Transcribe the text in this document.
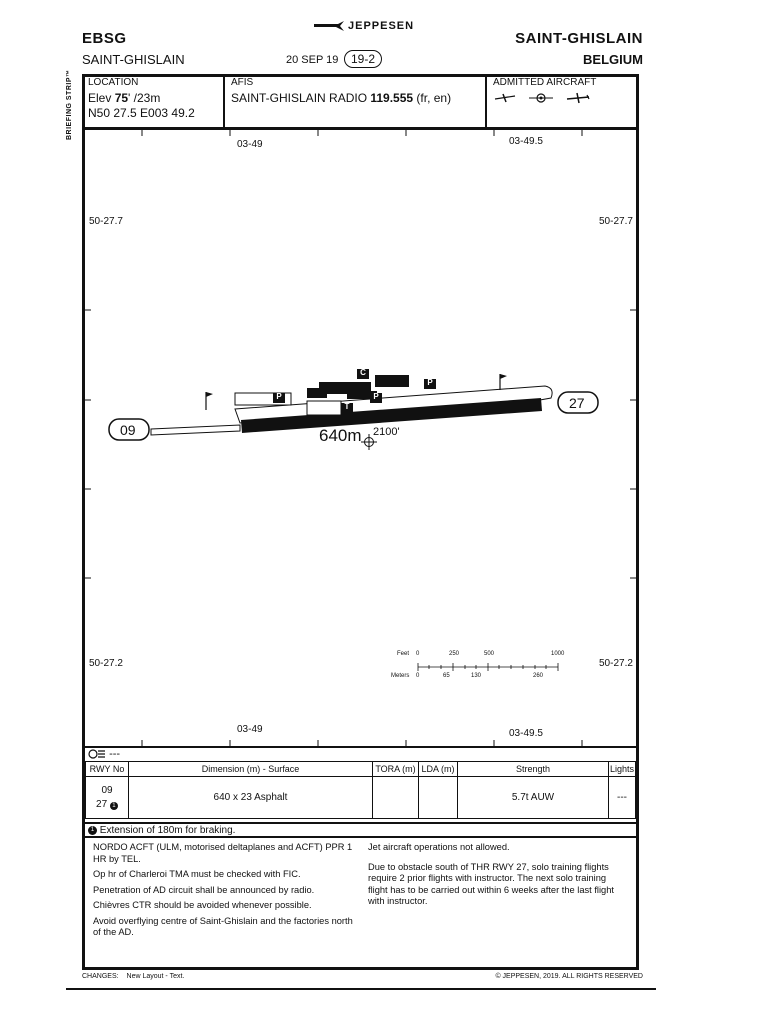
EBSG
SAINT-GHISLAIN
JEPPESEN
20 SEP 19	19-2
SAINT-GHISLAIN
BELGIUM
BRIEFING STRIP™ LOCATION
Elev 75' /23m
N50 27.5 E003 49.2
AFIS
SAINT-GHISLAIN RADIO 119.555 (fr, en)
ADMITTED AIRCRAFT
03-49	03-49.5
03-49	03-49.5
50-27.7	50-27.7
50-27.2	50-27.2
09
27
640m 2100'
C
P
P
P
T
Feet 0	250	500	1000
Meters 0	65	130	260
---
RWY No	Dimension (m) - Surface	TORA (m)	LDA (m)	Strength	Lights

09
27 1	640 x 23 Asphalt			5.7t AUW	---
1 Extension of 180m for braking.

NORDO ACFT (ULM, motorised deltaplanes and ACFT) PPR 1 HR by TEL.

Op hr of Charleroi TMA must be checked with FIC.

Penetration of AD circuit shall be announced by radio.

Chièvres CTR should be avoided whenever possible.

Avoid overflying centre of Saint-Ghislain and the factories north of the AD.

Jet aircraft operations not allowed.

Due to obstacle south of THR RWY 27, solo training flights require 2 prior flights with instructor. The next solo training flight has to be carried out within 6 weeks after the last flight with instructor.

CHANGES: New Layout - Text.	© JEPPESEN, 2019. ALL RIGHTS RESERVED
